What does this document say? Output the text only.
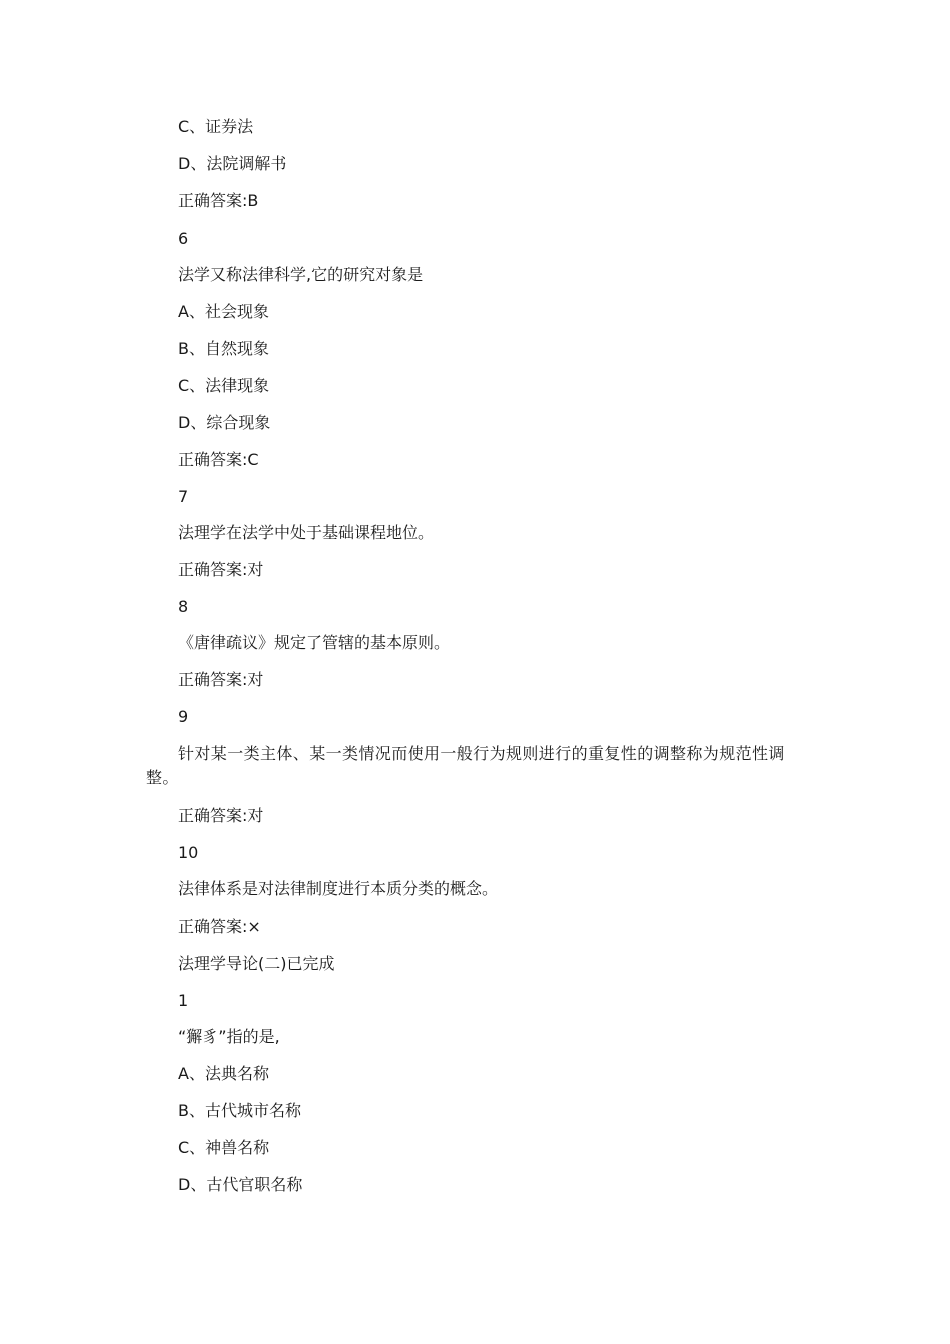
C、证券法
D、法院调解书
正确答案:B
6
法学又称法律科学,它的研究对象是
A、社会现象
B、自然现象
C、法律现象
D、综合现象
正确答案:C
7
法理学在法学中处于基础课程地位。
正确答案:对
8
《唐律疏议》规定了管辖的基本原则。
正确答案:对
9
针对某一类主体、某一类情况而使用一般行为规则进行的重复性的调整称为规范性调整。
正确答案:对
10
法律体系是对法律制度进行本质分类的概念。
正确答案:×
法理学导论(二)已完成
1
“獬豸”指的是,
A、法典名称
B、古代城市名称
C、神兽名称
D、古代官职名称
